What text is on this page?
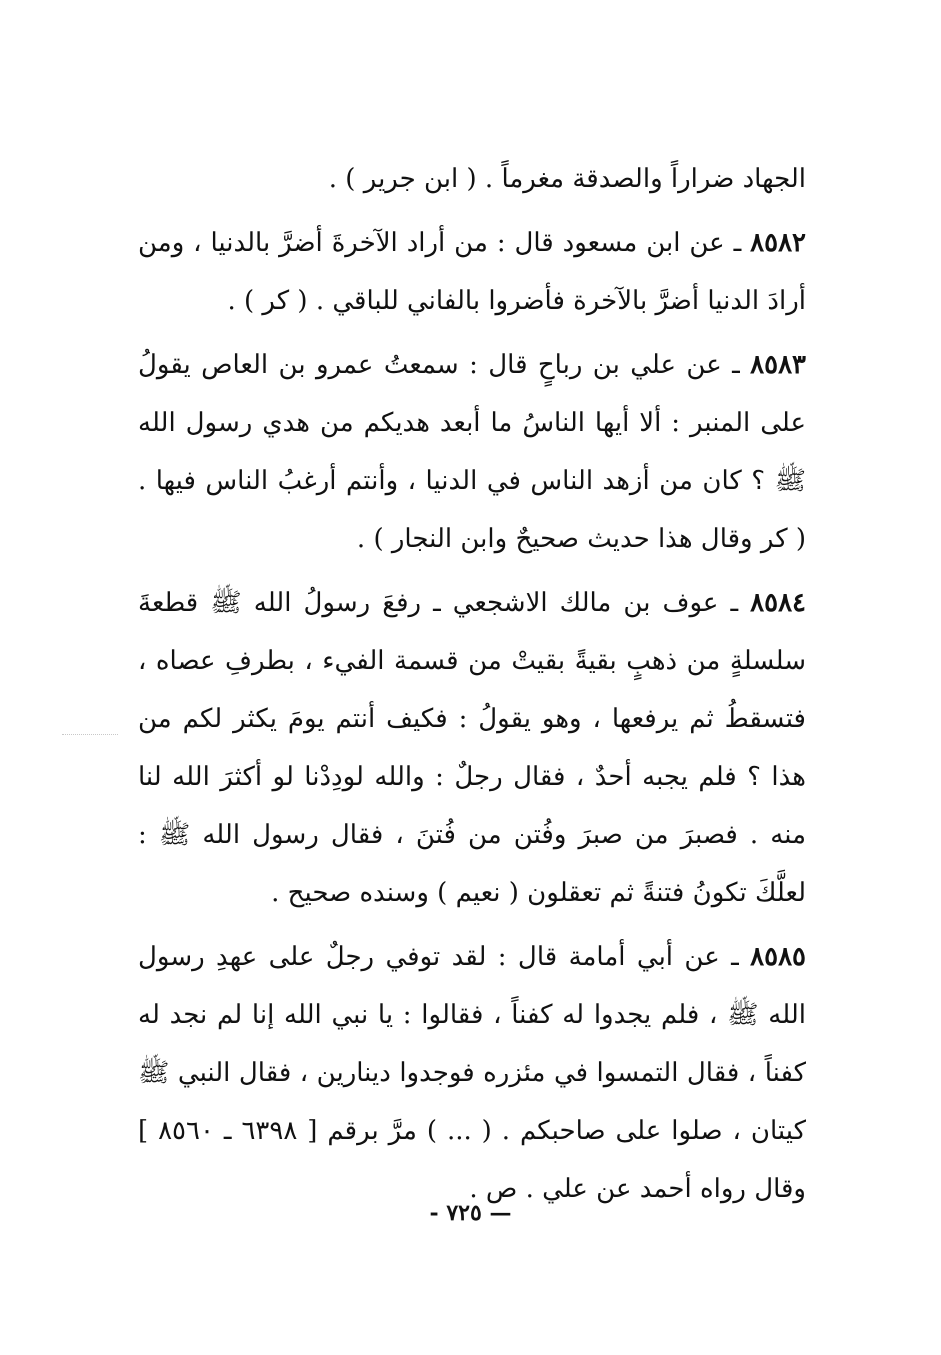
الجهاد ضراراً والصدقة مغرماً . ( ابن جرير ) .

٨٥٨٢ ـ عن ابن مسعود قال : من أراد الآخرةَ أضرَّ بالدنيا ، ومن أرادَ الدنيا أضرَّ بالآخرة فأضروا بالفاني للباقي . ( كر ) .

٨٥٨٣ ـ عن علي بن رباحٍ قال : سمعتُ عمرو بن العاص يقولُ على المنبر : ألا أيها الناسُ ما أبعد هديكم من هدي رسول الله ﷺ ؟ كان من أزهد الناس في الدنيا ، وأنتم أرغبُ الناس فيها . ( كر وقال هذا حديث صحيحٌ وابن النجار ) .

٨٥٨٤ ـ عوف بن مالك الاشجعي ـ رفعَ رسولُ الله ﷺ قطعةَ سلسلةٍ من ذهبٍ بقيةً بقيتْ من قسمة الفيء ، بطرفِ عصاه ، فتسقطُ ثم يرفعها ، وهو يقولُ : فكيف أنتم يومَ يكثر لكم من هذا ؟ فلم يجبه أحدٌ ، فقال رجلٌ : والله لودِدْنا لو أكثرَ الله لنا منه . فصبرَ من صبرَ وفُتن من فُتنَ ، فقال رسول الله ﷺ : لعلَّكَ تكونُ فتنةً ثم تعقلون ( نعيم ) وسنده صحيح .

٨٥٨٥ ـ عن أبي أمامة قال : لقد توفي رجلٌ على عهدِ رسول الله ﷺ ، فلم يجدوا له كفناً ، فقالوا : يا نبي الله إنا لم نجد له كفناً ، فقال التمسوا في مئزره فوجدوا دينارين ، فقال النبي ﷺ كيتان ، صلوا على صاحبكم . ( ... ) مرَّ برقم [ ٦٣٩٨ ـ ٨٥٦٠ ] وقال رواه أحمد عن علي . ص .

— ٧٢٥ -
